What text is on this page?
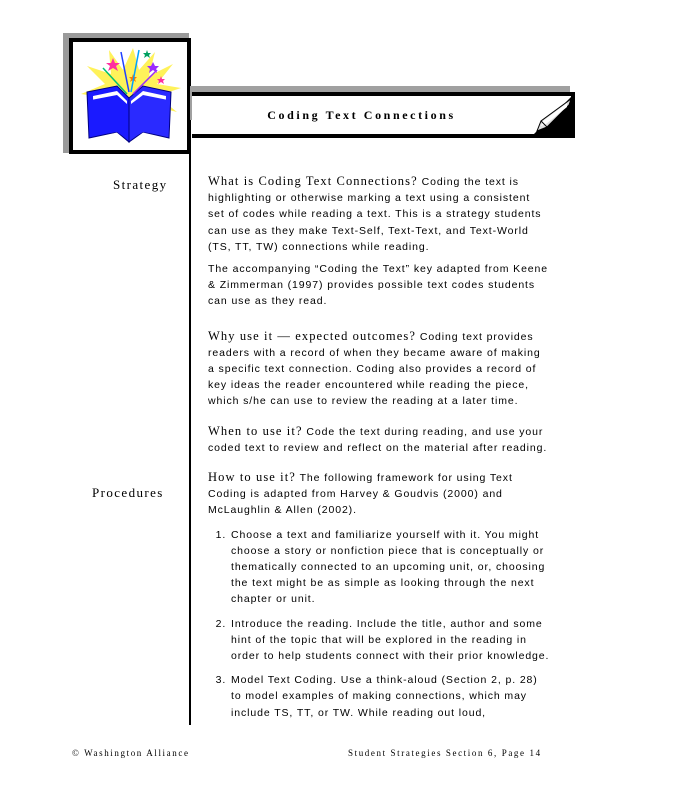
Coding Text Connections
Strategy
Procedures

What is Coding Text Connections? Coding the text is highlighting or otherwise marking a text using a consistent set of codes while reading a text. This is a strategy students can use as they make Text-Self, Text-Text, and Text-World (TS, TT, TW) connections while reading.

The accompanying “Coding the Text” key adapted from Keene & Zimmerman (1997) provides possible text codes students can use as they read.

Why use it — expected outcomes? Coding text provides readers with a record of when they became aware of making a specific text connection. Coding also provides a record of key ideas the reader encountered while reading the piece, which s/he can use to review the reading at a later time.

When to use it? Code the text during reading, and use your coded text to review and reflect on the material after reading.

How to use it? The following framework for using Text Coding is adapted from Harvey & Goudvis (2000) and McLaughlin & Allen (2002).

1. Choose a text and familiarize yourself with it. You might choose a story or nonfiction piece that is conceptually or thematically connected to an upcoming unit, or, choosing the text might be as simple as looking through the next chapter or unit.
2. Introduce the reading. Include the title, author and some hint of the topic that will be explored in the reading in order to help students connect with their prior knowledge.
3. Model Text Coding. Use a think-aloud (Section 2, p. 28) to model examples of making connections, which may include TS, TT, or TW. While reading out loud,
© Washington Alliance	Student Strategies Section 6, Page 14
